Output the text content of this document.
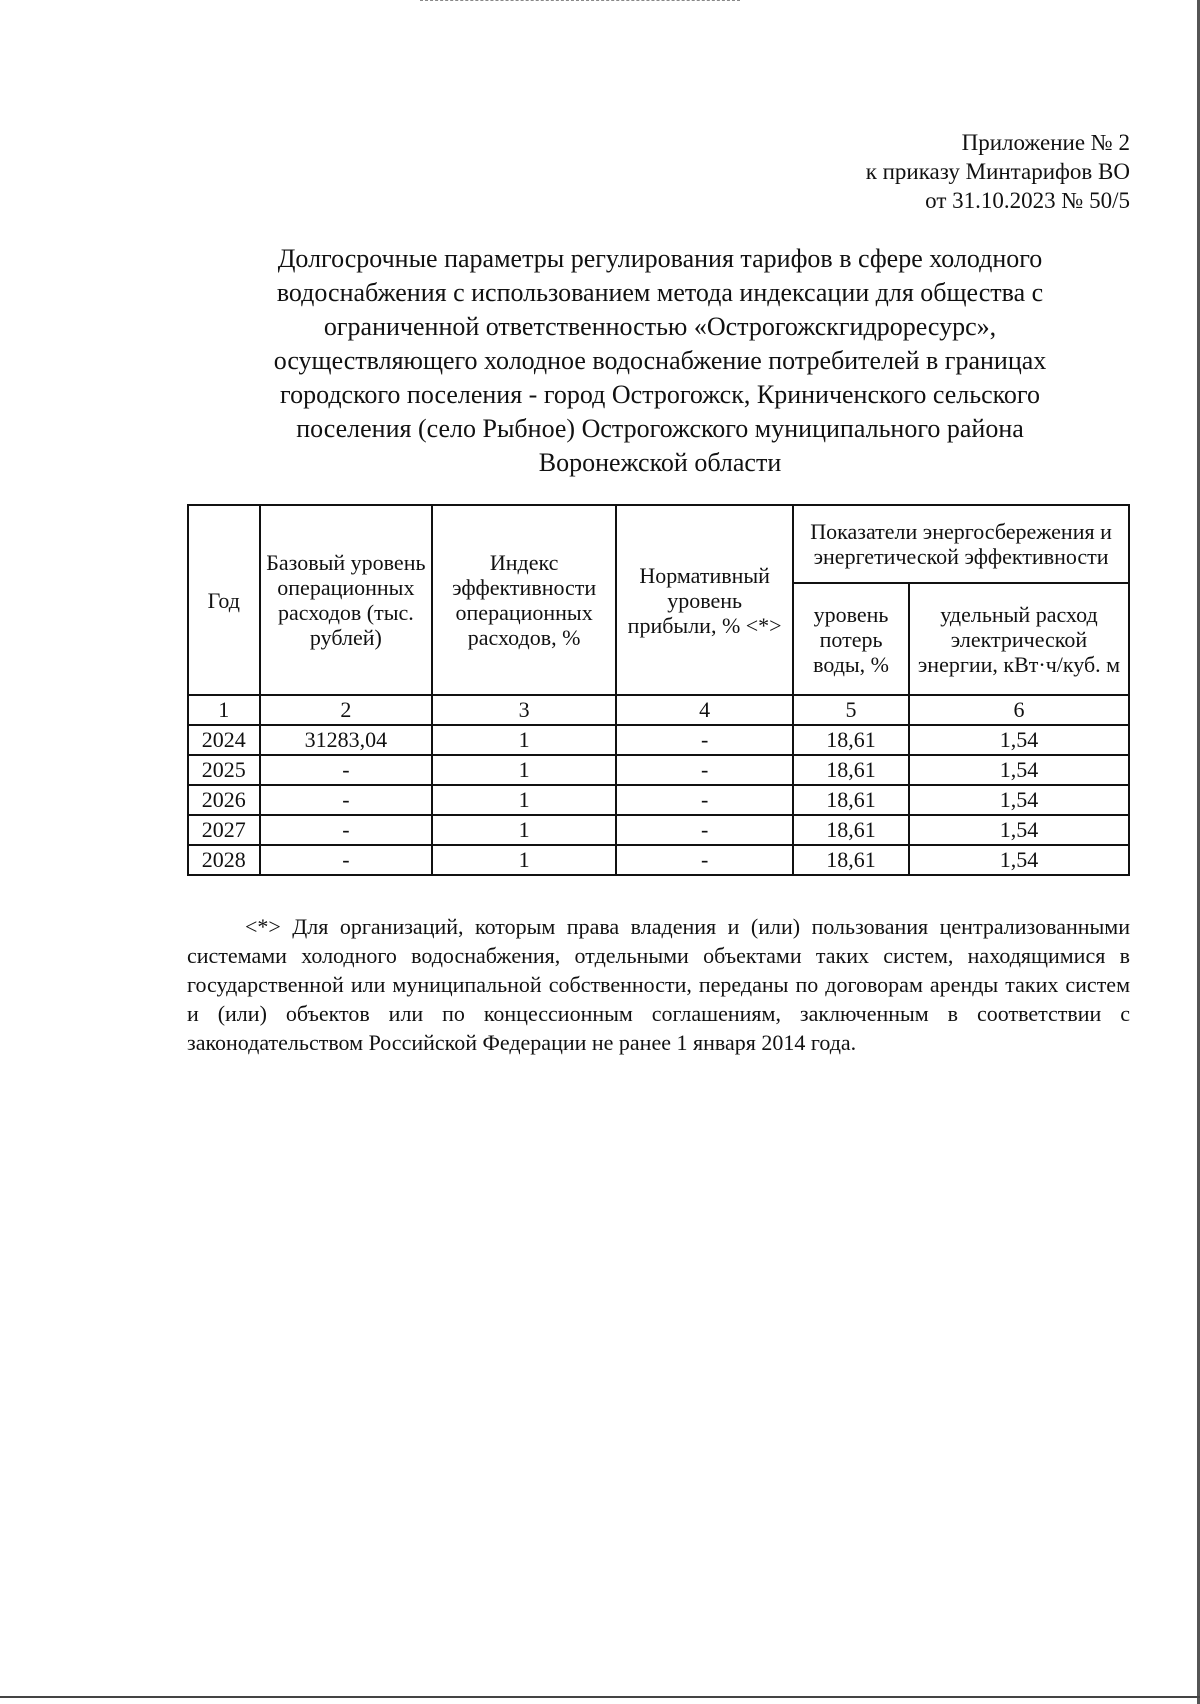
Приложение № 2
к приказу Минтарифов ВО
от 31.10.2023 № 50/5
Долгосрочные параметры регулирования тарифов в сфере холодного
водоснабжения с использованием метода индексации для общества с
ограниченной ответственностью «Острогожскгидроресурс»,
осуществляющего холодное водоснабжение потребителей в границах
городского поселения - город Острогожск, Криниченского сельского
поселения (село Рыбное) Острогожского муниципального района
Воронежской области
Год	Базовый уровень операционных расходов (тыс. рублей)	Индекс эффективности операционных расходов, %	Нормативный уровень прибыли, % <*>	Показатели энергосбережения и энергетической эффективности	
				уровень потерь воды, %	удельный расход электрической энергии, кВт·ч/куб. м
1	2	3	4	5	6
2024	31283,04	1	-	18,61	1,54
2025	-	1	-	18,61	1,54
2026	-	1	-	18,61	1,54
2027	-	1	-	18,61	1,54
2028	-	1	-	18,61	1,54

<*> Для организаций, которым права владения и (или) пользования централизованными системами холодного водоснабжения, отдельными объектами таких систем, находящимися в государственной или муниципальной собственности, переданы по договорам аренды таких систем и (или) объектов или по концессионным соглашениям, заключенным в соответствии с законодательством Российской Федерации не ранее 1 января 2014 года.
